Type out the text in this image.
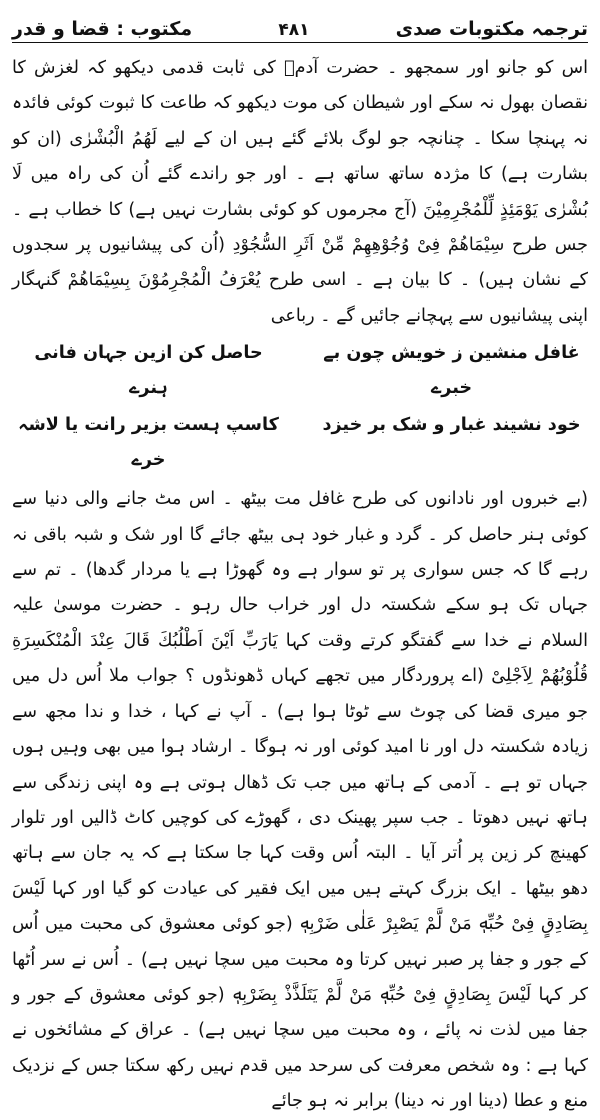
ترجمہ مکتوبات صدی
۴۸۱
مکتوب : قضا و قدر

اس کو جانو اور سمجھو ۔ حضرت آدمؑ کی ثابت قدمی دیکھو کہ لغزش کا نقصان بھول نہ سکے اور شیطان کی موت دیکھو کہ طاعت کا ثبوت کوئی فائدہ نہ پہنچا سکا ۔ چنانچہ جو لوگ بلائے گئے ہیں ان کے لیے لَهُمُ الْبُشْرٰی (ان کو بشارت ہے) کا مژدہ ساتھ ساتھ ہے ۔ اور جو راندے گئے اُن کی راہ میں لَا بُشْرٰی یَوْمَئِذٍ لِّلْمُجْرِمِیْنَ (آج مجرموں کو کوئی بشارت نہیں ہے) کا خطاب ہے ۔ جس طرح سِیْمَاهُمْ فِیْ وُجُوْهِهِمْ مِّنْ اَثَرِ السُّجُوْدِ (اُن کی پیشانیوں پر سجدوں کے نشان ہیں) ۔ کا بیان ہے ۔ اسی طرح یُعْرَفُ الْمُجْرِمُوْنَ بِسِیْمَاهُمْ گنہگار اپنی پیشانیوں سے پہچانے جائیں گے ۔ رباعی

غافل منشین ز خویش چون بے خبرے
حاصل کن ازین جہان فانی ہنرے
خود نشیند غبار و شک بر خیزد
کاسپ ہست بزیر رانت یا لاشہ خرے

(بے خبروں اور نادانوں کی طرح غافل مت بیٹھ ۔ اس مٹ جانے والی دنیا سے کوئی ہنر حاصل کر ۔ گرد و غبار خود ہی بیٹھ جائے گا اور شک و شبہ باقی نہ رہے گا کہ جس سواری پر تو سوار ہے وہ گھوڑا ہے یا مردار گدھا) ۔ تم سے جہاں تک ہو سکے شکستہ دل اور خراب حال رہو ۔ حضرت موسیٰ علیہ السلام نے خدا سے گفتگو کرتے وقت کہا یَارَبِّ اَیْنَ اَطْلُبُكَ قَالَ عِنْدَ الْمُنْكَسِرَةِ قُلُوْبُهُمْ لِاَجْلِیْ (اے پروردگار میں تجھے کہاں ڈھونڈوں ؟ جواب ملا اُس دل میں جو میری قضا کی چوٹ سے ٹوٹا ہوا ہے) ۔ آپ نے کہا ، خدا و ندا مجھ سے زیادہ شکستہ دل اور نا امید کوئی اور نہ ہوگا ۔ ارشاد ہوا میں بھی وہیں ہوں جہاں تو ہے ۔ آدمی کے ہاتھ میں جب تک ڈھال ہوتی ہے وہ اپنی زندگی سے ہاتھ نہیں دھوتا ۔ جب سپر پھینک دی ، گھوڑے کی کوچیں کاٹ ڈالیں اور تلوار کھینچ کر زین پر اُتر آیا ۔ البتہ اُس وقت کہا جا سکتا ہے کہ یہ جان سے ہاتھ دھو بیٹھا ۔ ایک بزرگ کہتے ہیں میں ایک فقیر کی عیادت کو گیا اور کہا لَیْسَ بِصَادِقٍ فِیْ حُبِّهٖ مَنْ لَّمْ یَصْبِرْ عَلٰی ضَرْبِهٖ (جو کوئی معشوق کی محبت میں اُس کے جور و جفا پر صبر نہیں کرتا وہ محبت میں سچا نہیں ہے) ۔ اُس نے سر اُٹھا کر کہا لَیْسَ بِصَادِقٍ فِیْ حُبِّهٖ مَنْ لَّمْ یَتَلَذَّذْ بِضَرْبِهٖ (جو کوئی معشوق کے جور و جفا میں لذت نہ پائے ، وہ محبت میں سچا نہیں ہے) ۔ عراق کے مشائخوں نے کہا ہے : وہ شخص معرفت کی سرحد میں قدم نہیں رکھ سکتا جس کے نزدیک منع و عطا (دینا اور نہ دینا) برابر نہ ہو جائے
